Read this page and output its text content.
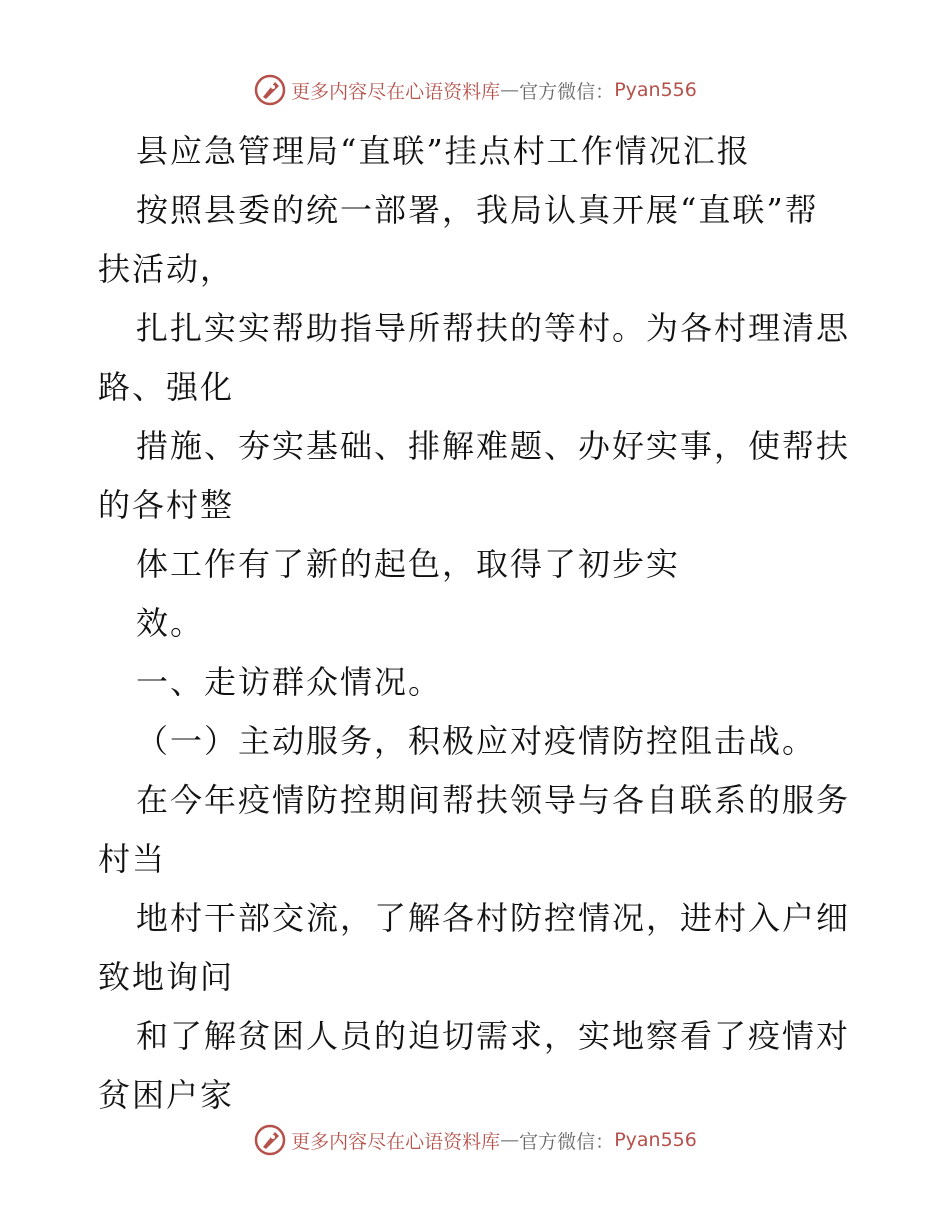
更多内容尽在心语资料库 — 官方微信： Pyan556
县应急管理局“直联”挂点村工作情况汇报
按照县委的统一部署，我局认真开展“直联”帮
扶活动，
扎扎实实帮助指导所帮扶的等村。为各村理清思
路、强化
措施、夯实基础、排解难题、办好实事，使帮扶
的各村整
体工作有了新的起色，取得了初步实
效。
一、走访群众情况。
（一）主动服务，积极应对疫情防控阻击战。
在今年疫情防控期间帮扶领导与各自联系的服务
村当
地村干部交流，了解各村防控情况，进村入户细
致地询问
和了解贫困人员的迫切需求，实地察看了疫情对
贫困户家
更多内容尽在心语资料库 — 官方微信： Pyan556
